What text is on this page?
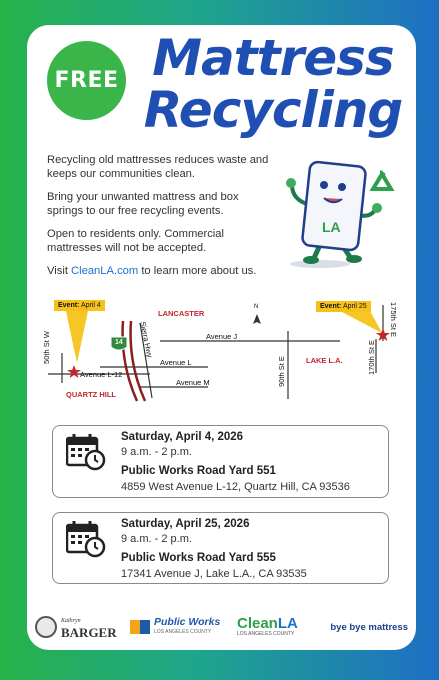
FREE Mattress
Recycling

Recycling old mattresses reduces waste and keeps our communities clean.

Bring your unwanted mattress and box springs to our free recycling events.

Open to residents only. Commercial mattresses will not be accepted.

Visit CleanLA.com to learn more about us.

LA
Event: April 4	Event: April 25
LANCASTER
LAKE L.A.
QUARTZ HILL
Avenue J
Avenue L
Avenue L-12
Avenue M
50th St W	Sierra Hwy
90th St E	170th St E
175th St E
14
N
Saturday, April 4, 2026
9 a.m. - 2 p.m.
Public Works Road Yard 551
4859 West Avenue L-12, Quartz Hill, CA 93536
Saturday, April 25, 2026
9 a.m. - 2 p.m.
Public Works Road Yard 555
17341 Avenue J, Lake L.A., CA 93535
Kathryn
BARGER
Public Works
LOS ANGELES COUNTY	CleanLA
LOS ANGELES COUNTY
bye bye mattress
